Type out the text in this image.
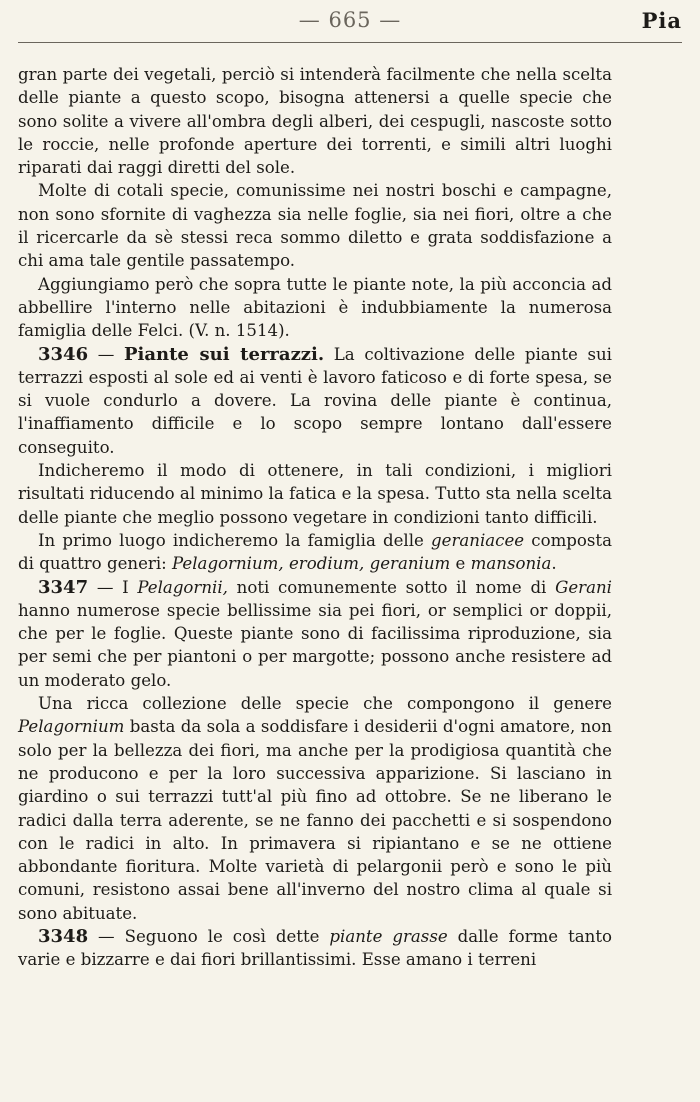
— 665 —	Pia

gran parte dei vegetali, perciò si intenderà facilmente che nella scelta delle piante a questo scopo, bisogna attenersi a quelle specie che sono solite a vivere all'ombra degli alberi, dei cespugli, nascoste sotto le roccie, nelle profonde aperture dei torrenti, e simili altri luoghi riparati dai raggi diretti del sole.

Molte di cotali specie, comunissime nei nostri boschi e campagne, non sono sfornite di vaghezza sia nelle foglie, sia nei fiori, oltre a che il ricercarle da sè stessi reca sommo diletto e grata soddisfazione a chi ama tale gentile passatempo.

Aggiungiamo però che sopra tutte le piante note, la più acconcia ad abbellire l'interno nelle abitazioni è indubbiamente la numerosa famiglia delle Felci. (V. n. 1514).

3346 — Piante sui terrazzi. La coltivazione delle piante sui terrazzi esposti al sole ed ai venti è lavoro faticoso e di forte spesa, se si vuole condurlo a dovere. La rovina delle piante è continua, l'inaffiamento difficile e lo scopo sempre lontano dall'essere conseguito.

Indicheremo il modo di ottenere, in tali condizioni, i migliori risultati riducendo al minimo la fatica e la spesa. Tutto sta nella scelta delle piante che meglio possono vegetare in condizioni tanto difficili.

In primo luogo indicheremo la famiglia delle geraniacee composta di quattro generi: Pelagornium, erodium, geranium e mansonia.

3347 — I Pelagornii, noti comunemente sotto il nome di Gerani hanno numerose specie bellissime sia pei fiori, or semplici or doppii, che per le foglie. Queste piante sono di facilissima riproduzione, sia per semi che per piantoni o per margotte; possono anche resistere ad un moderato gelo.

Una ricca collezione delle specie che compongono il genere Pelagornium basta da sola a soddisfare i desiderii d'ogni amatore, non solo per la bellezza dei fiori, ma anche per la prodigiosa quantità che ne producono e per la loro successiva apparizione. Si lasciano in giardino o sui terrazzi tutt'al più fino ad ottobre. Se ne liberano le radici dalla terra aderente, se ne fanno dei pacchetti e si sospendono con le radici in alto. In primavera si ripiantano e se ne ottiene abbondante fioritura. Molte varietà di pelargonii però e sono le più comuni, resistono assai bene all'inverno del nostro clima al quale si sono abituate.

3348 — Seguono le così dette piante grasse dalle forme tanto varie e bizzarre e dai fiori brillantissimi. Esse amano i terreni
